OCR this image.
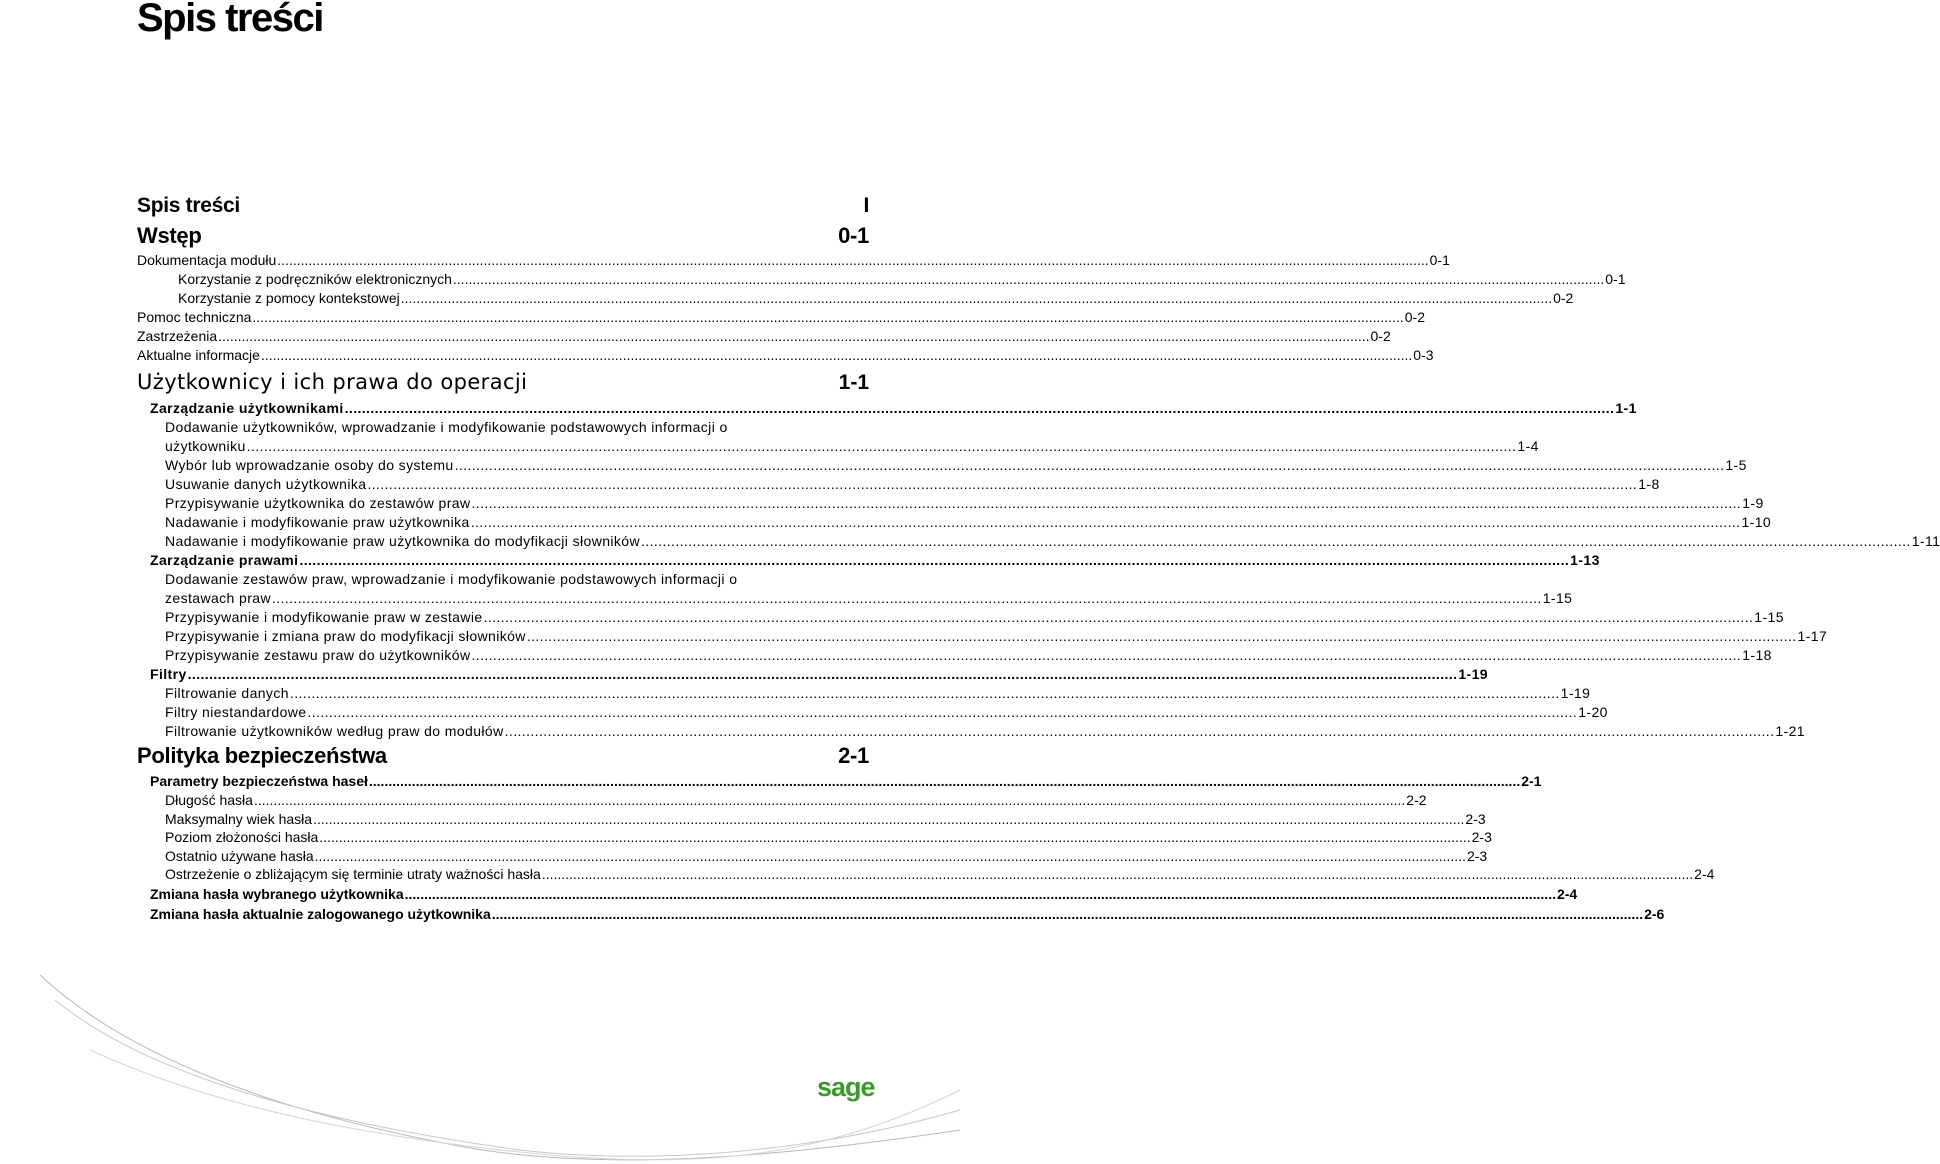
Spis treści
Spis treści	I
Wstęp	0-1
Dokumentacja modułu .....	0-1
Korzystanie z podręczników elektronicznych .....	0-1
Korzystanie z pomocy kontekstowej .....	0-2
Pomoc techniczna .....	0-2
Zastrzeżenia .....	0-2
Aktualne informacje .....	0-3
Użytkownicy i ich prawa do operacji	1-1
Zarządzanie użytkownikami .....	1-1
Dodawanie użytkowników, wprowadzanie i modyfikowanie podstawowych informacji o
użytkowniku .....	1-4
Wybór lub wprowadzanie osoby do systemu .....	1-5
Usuwanie danych użytkownika .....	1-8
Przypisywanie użytkownika do zestawów praw .....	1-9
Nadawanie i modyfikowanie praw użytkownika .....	1-10
Nadawanie i modyfikowanie praw użytkownika do modyfikacji słowników .....	1-11
Zarządzanie prawami .....	1-13
Dodawanie zestawów praw, wprowadzanie i modyfikowanie podstawowych informacji o
zestawach praw .....	1-15
Przypisywanie i modyfikowanie praw w zestawie .....	1-15
Przypisywanie i zmiana praw do modyfikacji słowników .....	1-17
Przypisywanie zestawu praw do użytkowników .....	1-18
Filtry .....	1-19
Filtrowanie danych .....	1-19
Filtry niestandardowe .....	1-20
Filtrowanie użytkowników według praw do modułów .....	1-21
Polityka bezpieczeństwa	2-1
Parametry bezpieczeństwa haseł .....	2-1
Długość hasła .....	2-2
Maksymalny wiek hasła .....	2-3
Poziom złożoności hasła .....	2-3
Ostatnio używane hasła .....	2-3
Ostrzeżenie o zbliżającym się terminie utraty ważności hasła .....	2-4
Zmiana hasła wybranego użytkownika .....	2-4
Zmiana hasła aktualnie zalogowanego użytkownika .....	2-6
sage
